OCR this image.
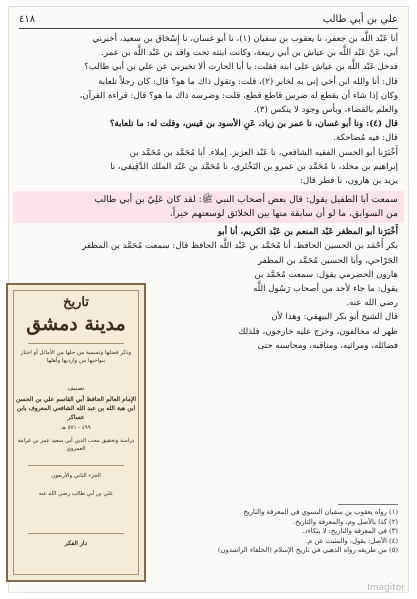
علي بن أبي طالب
٤١٨

أنا عَبْد اللَّه بن جعفر، نا يعقوب بن سفيان (١)، نا أبو غسان، نا إِسْحَاق بن سعيد، أخبرني

أبي، عَنْ عَبْد اللَّه بن عياش بن أبي ربيعة، وكانت ابنته تحت واقد بن عَبْد اللَّه بن عمر.

فدخل عَبْد اللَّه بن عياش على ابنه فقلت: يا أبا الحارث ألا تخبرني عن علي بن أبي طالب؟

قال: أنا والله ابن أخي إني به لخابر (٢)، قلت: وتقول ذاك ما هو؟ قال: كان رجلاً تلعابة

وكان إذا شاء أن يقطع له ضرس قاطع قطع، قلت: وضرسه ذاك ما هو؟ قال: قراءة القرآن،

والعلم بالقضاء، وبأس وجود لا ينكس (٣).

قال (٤): ونا أبو غسان، نا عمر بن زياد، عَنِ الأسود بن قيس، وقلت له: ما تلعابة؟

قال: فيه مُضاحكة.

أَخْبَرَنا أبو الحسن الفقيه الشافعي، نا عَبْد العزيز. إملاء. أنا مُحَمَّد بن مُحَمَّد بن

إبراهيم بن مخلد، نا مُحَمَّد بن عمرو بن البَخْتَري، نا مُحَمَّد بن عَبْد الملك الدَّقِيقي، نا

يزيد بن هارون، نا فطر قال:

سمعت أبا الطفيل يقول: قال بعض أصحاب النبي ﷺ: لقد كان عَلِيّ بن أبي طالب
من السوابق، ما لو أن سابقة منها بين الخلائق لوسعتهم خيراً.

أَخْبَرَنا أبو المظفر عَبْد المنعم بن عَبْد الكريم، أنا أبو

بكر أَحْمَد بن الحسين الحافظ، أنا مُحَمَّد بن عَبْد اللَّه الحافظ قال: سمعت مُحَمَّد بن المظفر

الجَرّاحي، وأبا الحسين مُحَمَّد بن المظفر

هارون الحضرمي يقول: سمعت مُحَمَّد بن

يقول: ما جاء لأحد من أصحاب رَسُول اللَّه

رضي الله عنه.

قال الشيخ أبو بكر البيهقي: وهذا لأن

ظهر له مخالفون، وخرج عليه خارجون، فلذلك

فضائله، ومراثيه، ومناقبه، ومحاسنه حتى

(١) رواه يعقوب بن سفيان النسوي في المعرفة والتاريخ
(٢) كذا بالأصل وم، والمعرفة والتاريخ.
(٣) في المعرفة والتاريخ: لا يتكاءد.
(٤) الأصل: يقول، والمثبت عن م.
(٥) من طريقه رواه الذهبي في تاريخ الإسلام (الخلفاء الراشدون)
تاريخ
مدينة دمشق
وذكر فضلها وتسمية من حلها من الأماثل أو اجتاز بنواحيها من وارديها وأهلها
تصنيف
الإمام العالم الحافظ أبي القاسم علي بن الحسن ابن هبة الله بن عبد الله الشافعي المعروف بابن عساكر
٤٩٩ - ٥٧١ هـ
دراسة وتحقيق محب الدين أبي سعيد عمر بن غرامة العمروي
الجزء الثاني والأربعون
علي بن أبي طالب رضي الله عنه
دار الفكر
Imagitor
